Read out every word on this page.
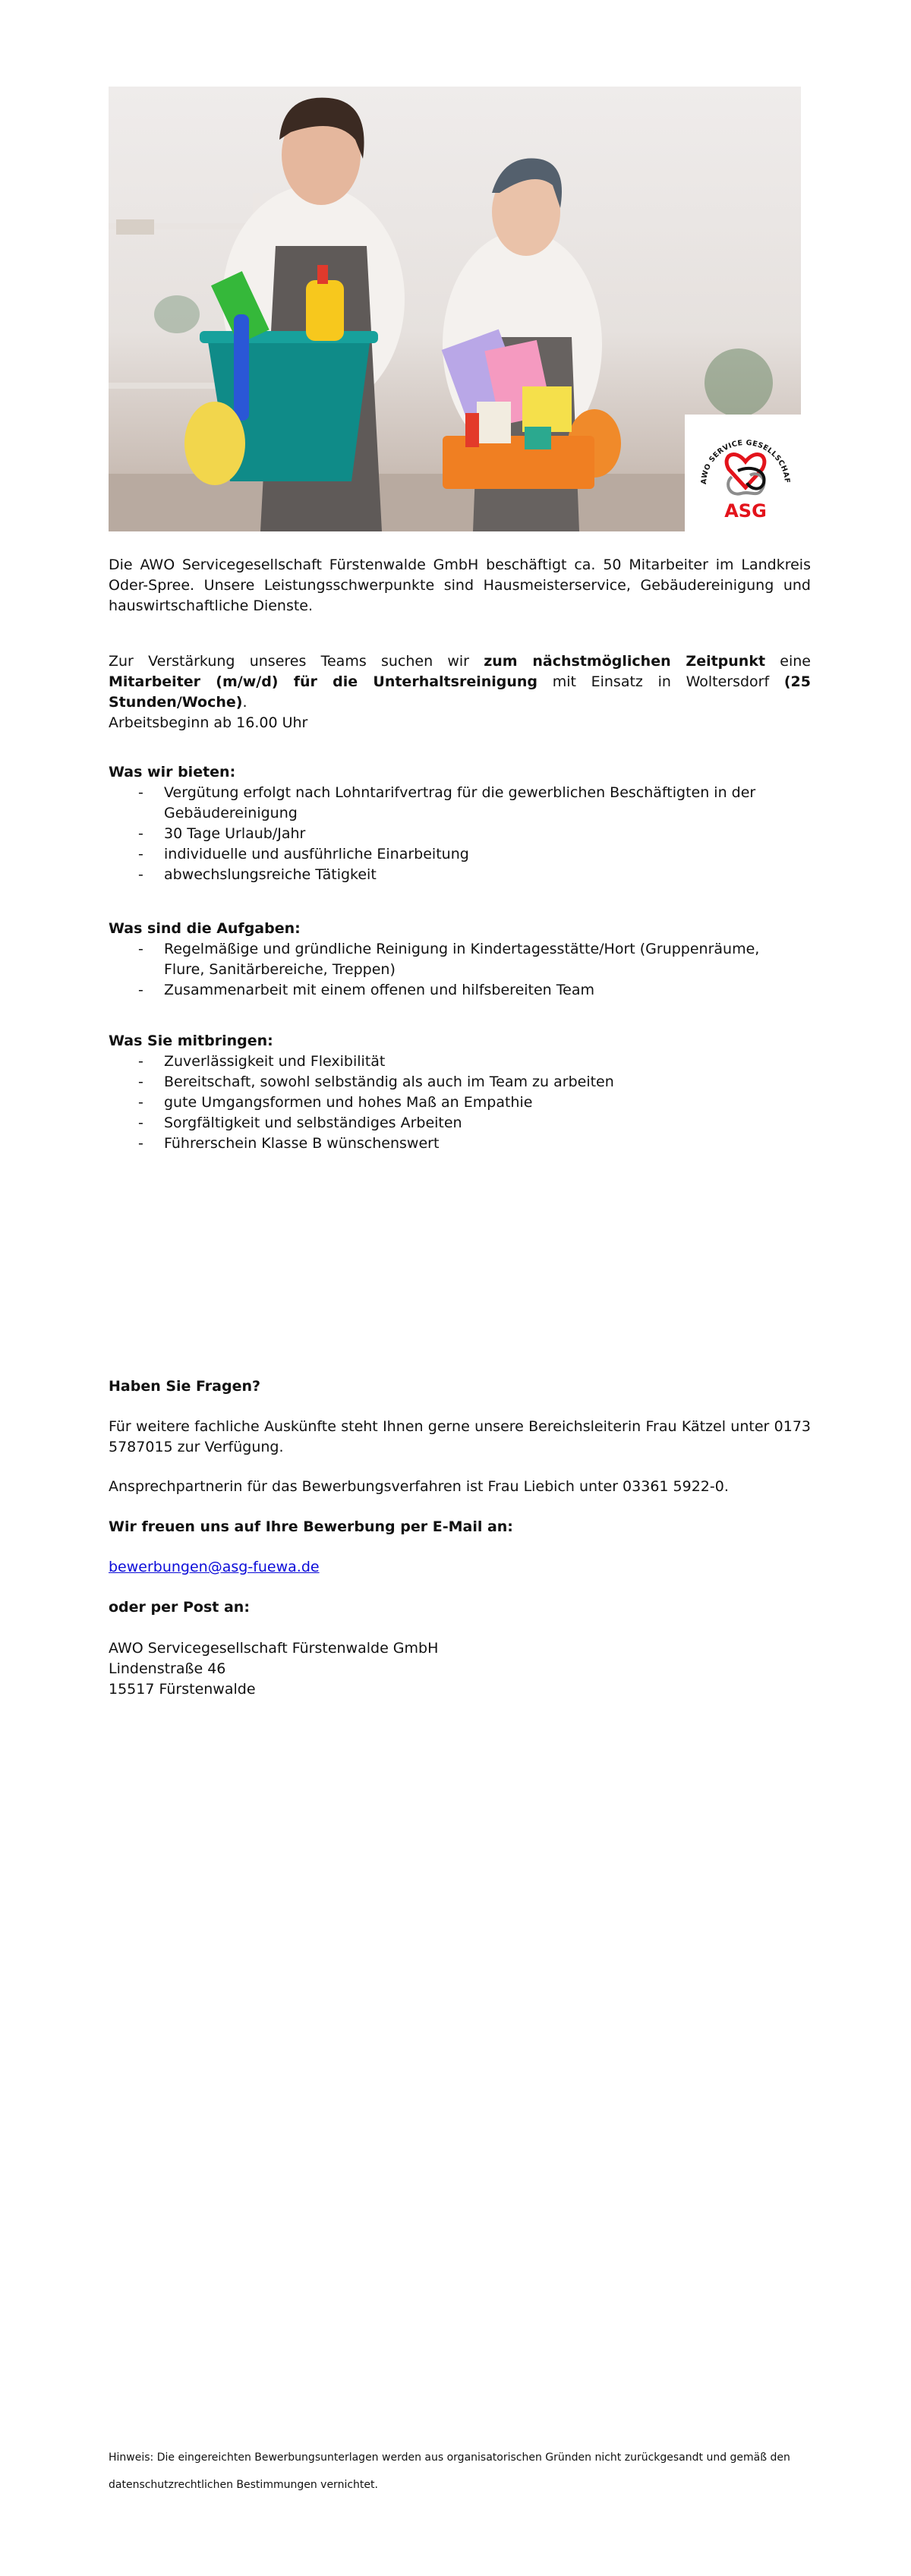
AWO SERVICE GESELLSCHAF
ASG

Die AWO Servicegesellschaft Fürstenwalde GmbH beschäftigt ca. 50 Mitarbeiter im Landkreis Oder-Spree. Unsere Leistungsschwerpunkte sind Hausmeisterservice, Gebäudereinigung und hauswirtschaftliche Dienste.

Zur Verstärkung unseres Teams suchen wir zum nächstmöglichen Zeitpunkt eine Mitarbeiter (m/w/d) für die Unterhaltsreinigung mit Einsatz in Woltersdorf (25 Stunden/Woche).

Arbeitsbeginn ab 16.00 Uhr
Was wir bieten:
- Vergütung erfolgt nach Lohntarifvertrag für die gewerblichen Beschäftigten in der Gebäudereinigung
- 30 Tage Urlaub/Jahr
- individuelle und ausführliche Einarbeitung
- abwechslungsreiche Tätigkeit
Was sind die Aufgaben:
- Regelmäßige und gründliche Reinigung in Kindertagesstätte/Hort (Gruppenräume, Flure, Sanitärbereiche, Treppen)
- Zusammenarbeit mit einem offenen und hilfsbereiten Team
Was Sie mitbringen:
- Zuverlässigkeit und Flexibilität
- Bereitschaft, sowohl selbständig als auch im Team zu arbeiten
- gute Umgangsformen und hohes Maß an Empathie
- Sorgfältigkeit und selbständiges Arbeiten
- Führerschein Klasse B wünschenswert
Haben Sie Fragen?

Für weitere fachliche Auskünfte steht Ihnen gerne unsere Bereichsleiterin Frau Kätzel unter 0173 5787015 zur Verfügung.

Ansprechpartnerin für das Bewerbungsverfahren ist Frau Liebich unter 03361 5922-0.
Wir freuen uns auf Ihre Bewerbung per E-Mail an:
bewerbungen@asg-fuewa.de
oder per Post an:
AWO Servicegesellschaft Fürstenwalde GmbH
Lindenstraße 46
15517 Fürstenwalde
Hinweis: Die eingereichten Bewerbungsunterlagen werden aus organisatorischen Gründen nicht zurückgesandt und gemäß den
datenschutzrechtlichen Bestimmungen vernichtet.
